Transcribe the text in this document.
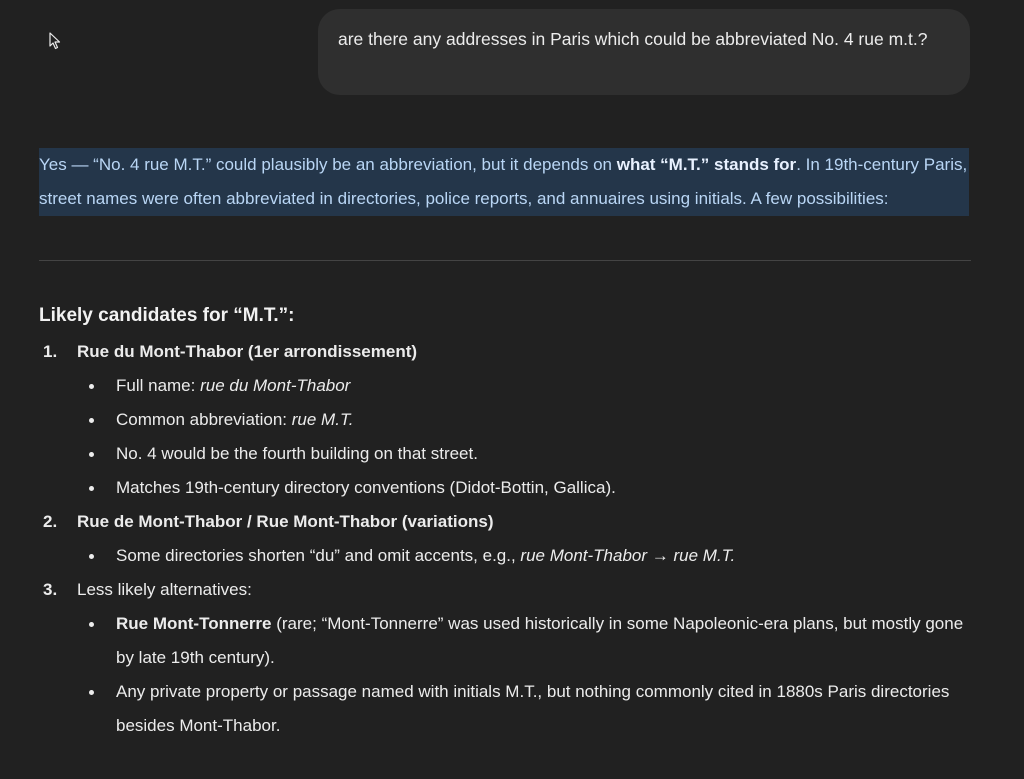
are there any addresses in Paris which could be abbreviated No. 4 rue m.t.?

Yes — “No. 4 rue M.T.” could plausibly be an abbreviation, but it depends on what “M.T.” stands for. In 19th-century Paris, street names were often abbreviated in directories, police reports, and annuaires using initials. A few possibilities:

Likely candidates for “M.T.”:
1. Rue du Mont-Thabor (1er arrondissement)
Full name: rue du Mont-Thabor
Common abbreviation: rue M.T.
No. 4 would be the fourth building on that street.
Matches 19th-century directory conventions (Didot-Bottin, Gallica).
2. Rue de Mont-Thabor / Rue Mont-Thabor (variations)
Some directories shorten “du” and omit accents, e.g., rue Mont-Thabor → rue M.T.
3. Less likely alternatives:
Rue Mont-Tonnerre (rare; “Mont-Tonnerre” was used historically in some Napoleonic-era plans, but mostly gone by late 19th century).
Any private property or passage named with initials M.T., but nothing commonly cited in 1880s Paris directories besides Mont-Thabor.
